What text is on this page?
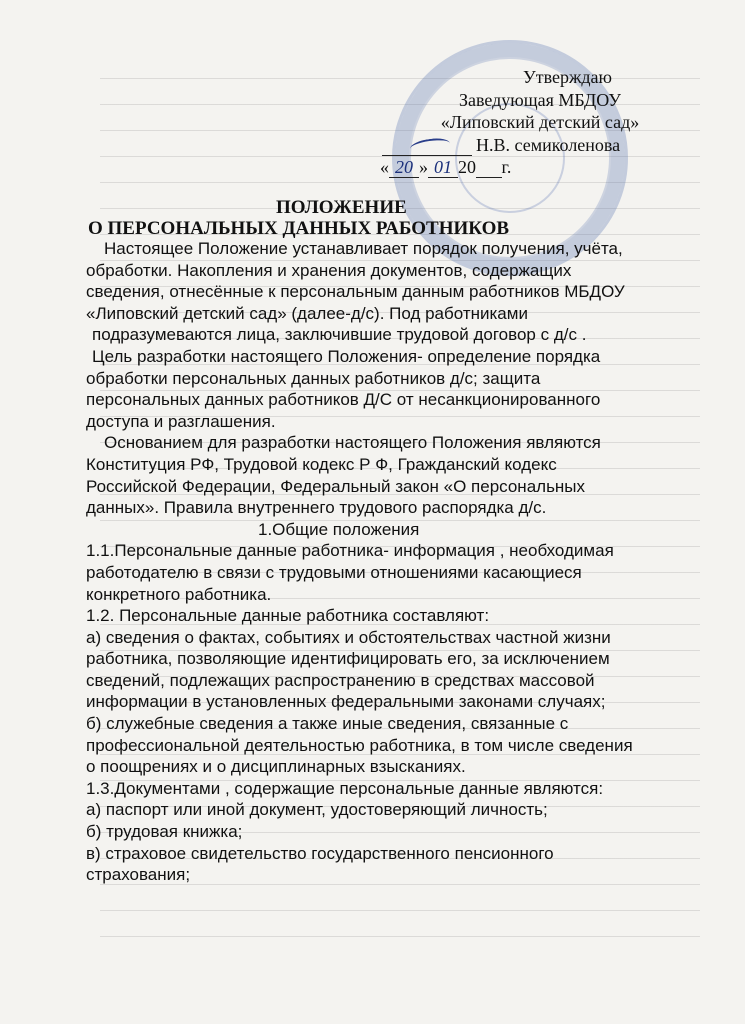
Утверждаю
Заведующая МБДОУ
«Липовский детский сад»
Н.В. семиколенова
« 20 » 01 20 г.
ПОЛОЖЕНИЕ
О ПЕРСОНАЛЬНЫХ ДАННЫХ РАБОТНИКОВ

Настоящее Положение устанавливает порядок получения, учёта,

обработки. Накопления и хранения документов, содержащих

сведения, отнесённые к персональным данным работников МБДОУ

«Липовский детский сад» (далее-д/с). Под работниками

подразумеваются лица, заключившие трудовой договор с д/с .

Цель разработки настоящего Положения- определение порядка

обработки персональных данных работников д/с; защита

персональных данных работников Д/С от несанкционированного

доступа и разглашения.

Основанием для разработки настоящего Положения являются

Конституция РФ, Трудовой кодекс Р Ф, Гражданский кодекс

Российской Федерации, Федеральный закон «О персональных

данных». Правила внутреннего трудового распорядка д/с.

1.Общие положения

1.1.Персональные данные работника- информация , необходимая

работодателю в связи с трудовыми отношениями касающиеся

конкретного работника.

1.2. Персональные данные работника составляют:

а) сведения о фактах, событиях и обстоятельствах частной жизни

работника, позволяющие идентифицировать его, за исключением

сведений, подлежащих распространению в средствах массовой

информации в установленных федеральными законами случаях;

б) служебные сведения а также иные сведения, связанные с

профессиональной деятельностью работника, в том числе сведения

о поощрениях и о дисциплинарных взысканиях.

1.3.Документами , содержащие персональные данные являются:

а) паспорт или иной документ, удостоверяющий личность;

б) трудовая книжка;

в) страховое свидетельство государственного пенсионного

страхования;
